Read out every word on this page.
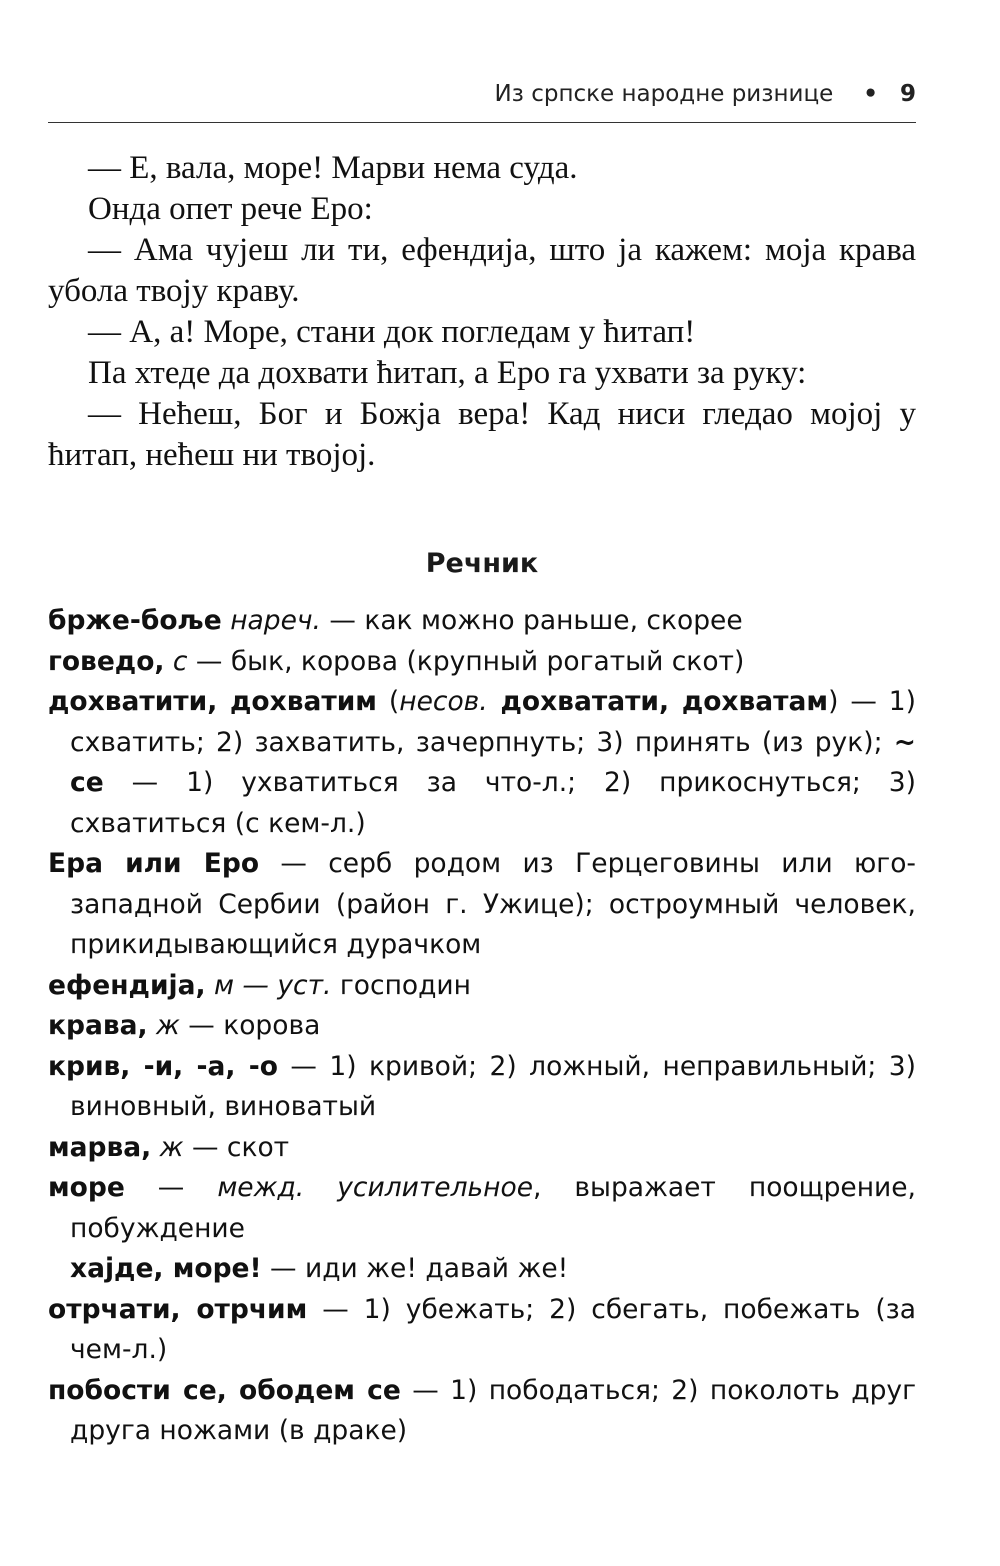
Из српске народне ризнице • 9

— Е, вала, море! Марви нема суда.

Онда опет рече Еро:

— Ама чујеш ли ти, ефендија, што ја кажем: моја крава убола твоју краву.

— А, а! Море, стани док погледам у ћитап!

Па хтеде да дохвати ћитап, а Еро га ухвати за руку:

— Нећеш, Бог и Божја вера! Кад ниси гледао мојој у ћитап, нећеш ни твојој.

Речник

брже-боље нареч. — как можно раньше, скорее

говедо, с — бык, корова (крупный рогатый скот)

дохватити, дохватим (несов. дохватати, дохватам) — 1) схватить; 2) захватить, зачерпнуть; 3) принять (из рук); ~ се — 1) ухватиться за что-л.; 2) прикоснуться; 3) схватиться (с кем-л.)

Ера или Еро — серб родом из Герцеговины или юго-западной Сербии (район г. Ужице); остроумный человек, прикидывающийся дурачком

ефендија, м — уст. господин

крава, ж — корова

крив, -и, -а, -о — 1) кривой; 2) ложный, неправильный; 3) виновный, виноватый

марва, ж — скот

море — межд. усилительное, выражает поощрение, побуждение

хајде, море! — иди же! давай же!

отрчати, отрчим — 1) убежать; 2) сбегать, побежать (за чем-л.)

побости се, ободем се — 1) пободаться; 2) поколоть друг друга ножами (в драке)
